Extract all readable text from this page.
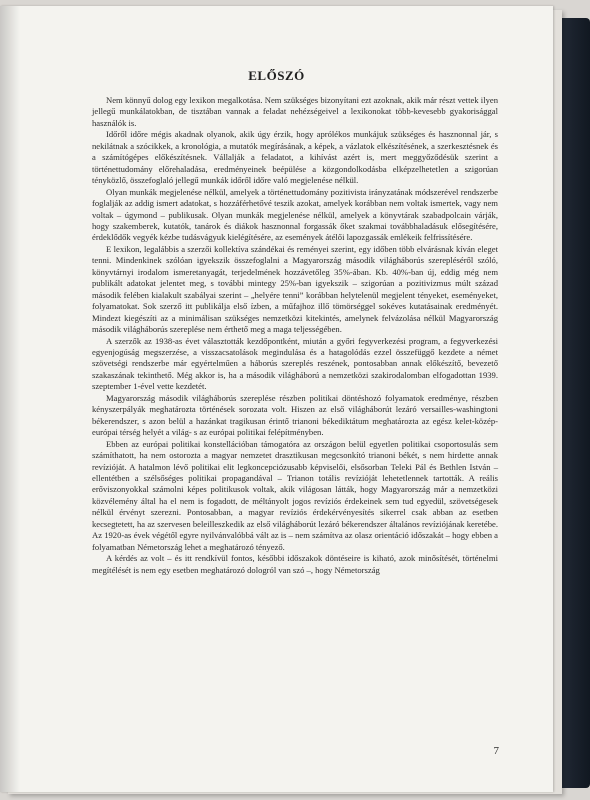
ELŐSZÓ

Nem könnyű dolog egy lexikon megalkotása. Nem szükséges bizonyítani ezt azoknak, akik már részt vettek ilyen jellegű munkálatokban, de tisztában vannak a feladat nehézségeivel a lexikonokat több-kevesebb gyakorisággal használók is.

Időről időre mégis akadnak olyanok, akik úgy érzik, hogy aprólékos munkájuk szükséges és hasznonnal jár, s nekilátnak a szócikkek, a kronológia, a mutatók megírásának, a képek, a vázlatok elkészítésének, a szerkesztésnek és a számítógépes előkészítésnek. Vállalják a feladatot, a kihívást azért is, mert meggyőződésük szerint a történettudomány előrehaladása, eredményeinek beépülése a közgondolkodásba elképzelhetetlen a szigorúan tényközlő, összefoglaló jellegű munkák időről időre való megjelenése nélkül.

Olyan munkák megjelenése nélkül, amelyek a történettudomány pozitivista irányzatának módszerével rendszerbe foglalják az addig ismert adatokat, s hozzáférhetővé teszik azokat, amelyek korábban nem voltak ismertek, vagy nem voltak – úgymond – publikusak. Olyan munkák megjelenése nélkül, amelyek a könyvtárak szabadpolcain várják, hogy szakemberek, kutatók, tanárok és diákok hasznonnal forgassák őket szakmai továbbhaladásuk elősegítésére, érdeklődők vegyék kézbe tudásvágyuk kielégítésére, az események átélői lapozgassák emlékeik felfrissítésére.

E lexikon, legalábbis a szerzői kollektíva szándékai és reményei szerint, egy időben több elvárásnak kíván eleget tenni. Mindenkinek szólóan igyekszik összefoglalni a Magyarország második világháborús szerepléséről szóló, könyvtárnyi irodalom ismeretanyagát, terjedelmének hozzávetőleg 35%-ában. Kb. 40%-ban új, eddig még nem publikált adatokat jelentet meg, s további mintegy 25%-ban igyekszik – szigorúan a pozitivizmus múlt század második felében kialakult szabályai szerint – „helyére tenni” korábban helytelenül megjelent tényeket, eseményeket, folyamatokat. Sok szerző itt publikálja első ízben, a műfajhoz illő tömörséggel sokéves kutatásainak eredményét. Mindezt kiegészíti az a minimálisan szükséges nemzetközi kitekintés, amelynek felvázolása nélkül Magyarország második világháborús szereplése nem érthető meg a maga teljességében.

A szerzők az 1938-as évet választották kezdőpontként, miután a győri fegyverkezési program, a fegyverkezési egyenjogúság megszerzése, a visszacsatolások megindulása és a hatagolódás ezzel összefüggő kezdete a német szövetségi rendszerbe már egyértelműen a háborús szereplés reszének, pontosabban annak előkészítő, bevezető szakaszának tekinthető. Még akkor is, ha a második világháború a nemzetközi szakirodalomban elfogadottan 1939. szeptember 1-ével vette kezdetét.

Magyarország második világháborús szereplése részben politikai döntéshozó folyamatok eredménye, részben kényszerpályák meghatározta történések sorozata volt. Hiszen az első világháborút lezáró versailles-washingtoni békerendszer, s azon belül a hazánkat tragikusan érintő trianoni békediktátum meghatározta az egész kelet-közép-európai térség helyét a világ- s az európai politikai felépítményben.

Ebben az európai politikai konstellációban támogatóra az országon belül egyetlen politikai csoportosulás sem számíthatott, ha nem ostorozta a magyar nemzetet drasztikusan megcsonkító trianoni békét, s nem hirdette annak revízióját. A hatalmon lévő politikai elit legkoncepciózusabb képviselői, elsősorban Teleki Pál és Bethlen István – ellentétben a szélsőséges politikai propagandával – Trianon totális revízióját lehetetlennek tartották. A reális erőviszonyokkal számolni képes politikusok voltak, akik világosan látták, hogy Magyarország már a nemzetközi közvélemény által ha el nem is fogadott, de méltányolt jogos revíziós érdekeinek sem tud egyedül, szövetségesek nélkül érvényt szerezni. Pontosabban, a magyar revíziós érdekérvényesítés sikerrel csak abban az esetben kecsegtetett, ha az szervesen beleilleszkedik az első világháborút lezáró békerendszer általános revíziójának keretébe. Az 1920-as évek végétől egyre nyilvánvalóbbá vált az is – nem számítva az olasz orientáció időszakát – hogy ebben a folyamatban Németország lehet a meghatározó tényező.

A kérdés az volt – és itt rendkívül fontos, későbbi időszakok döntéseire is kiható, azok minősítését, történelmi megítélését is nem egy esetben meghatározó dologról van szó –, hogy Németország

7
